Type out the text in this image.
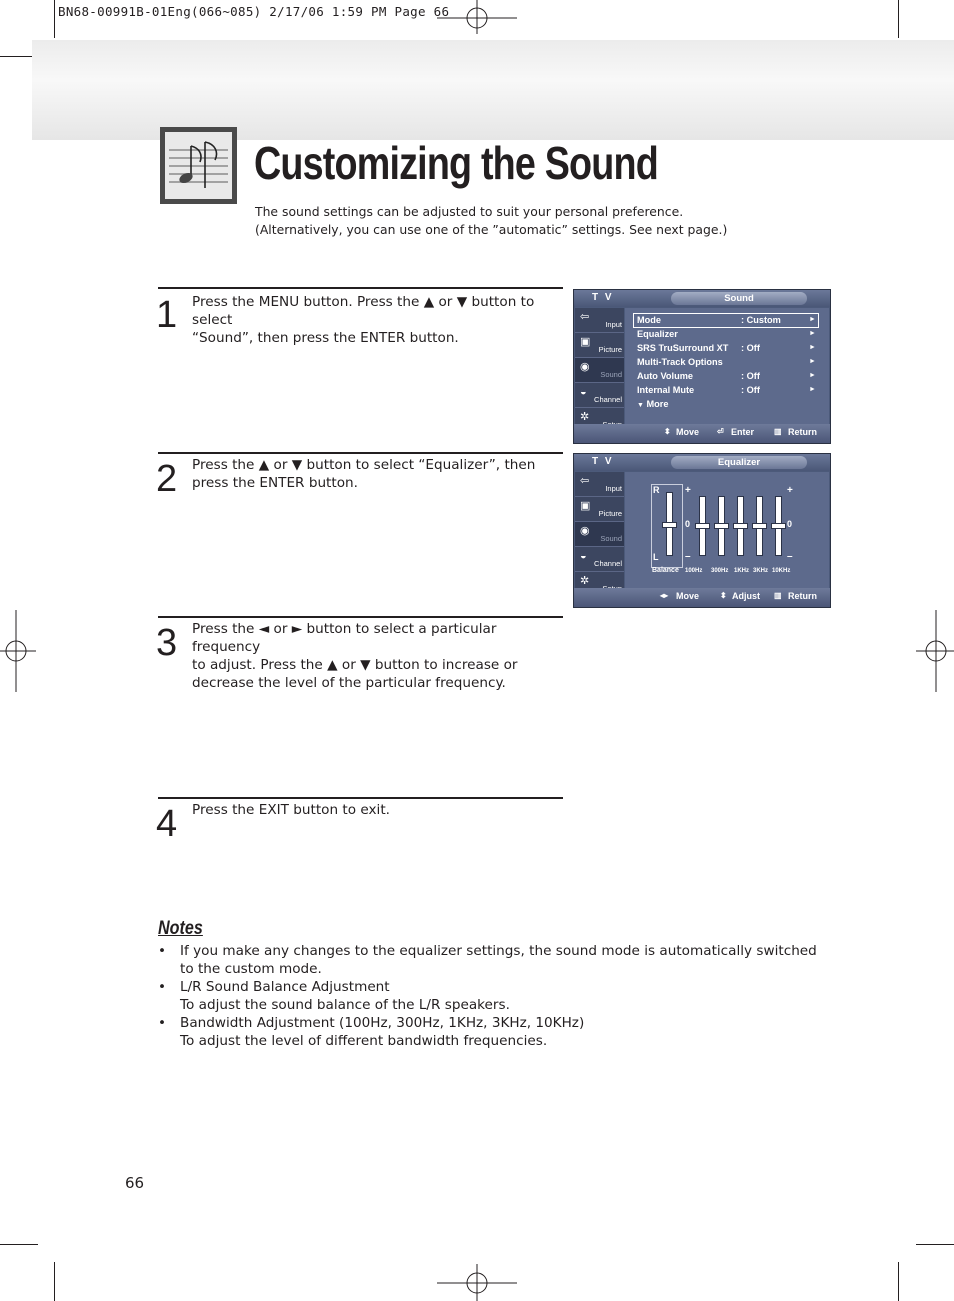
BN68-00991B-01Eng(066~085) 2/17/06 1:59 PM Page 66
Customizing the Sound
The sound settings can be adjusted to suit your personal preference.
(Alternatively, you can use one of the ”automatic” settings. See next page.)
1 Press the MENU button. Press the ▲ or ▼ button to select
“Sound”, then press the ENTER button.
2 Press the ▲ or ▼ button to select “Equalizer”, then
press the ENTER button.
3 Press the ◄ or ► button to select a particular frequency
to adjust. Press the ▲ or ▼ button to increase or
decrease the level of the particular frequency.
4 Press the EXIT button to exit.
T V	Sound
⇦
Input
▣
Picture
◉
Sound
◒
Channel
✲
Mode	: Custom	►
Equalizer	►
SRS TruSurround XT : Off	►
Multi-Track Options	►
Auto Volume	: Off	►
Internal Mute	: Off	►
▼ More
⬍ Move ⏎ Enter ▥ Return
T V	Equalizer
⇦
Input
▣
Picture
◉
Sound
◒
Channel
✲
R
L
Balance
+	+
0	0
–	–
100Hz 300Hz 1KHz 3KHz 10KHz
◂▸ Move	⬍ Adjust ▥ Return
Notes
• If you make any changes to the equalizer settings, the sound mode is automatically switched
to the custom mode.
• L/R Sound Balance Adjustment
To adjust the sound balance of the L/R speakers.
• Bandwidth Adjustment (100Hz, 300Hz, 1KHz, 3KHz, 10KHz)
To adjust the level of different bandwidth frequencies.
66
